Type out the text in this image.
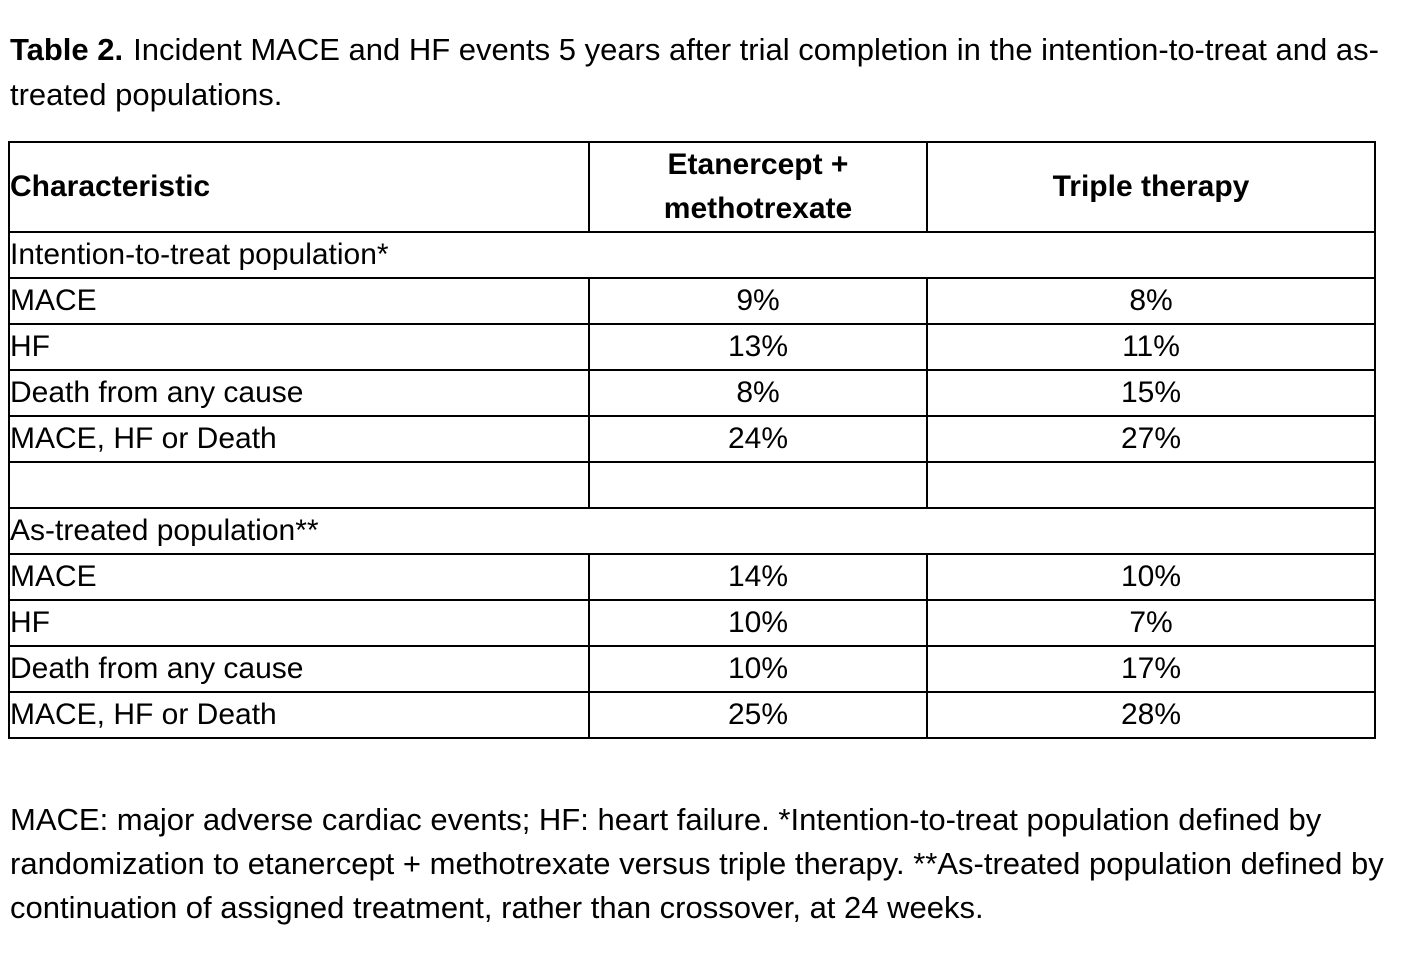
Table 2. Incident MACE and HF events 5 years after trial completion in the intention-to-treat and as-treated populations.

Characteristic	Etanercept + methotrexate	Triple therapy
Intention-to-treat population*		
MACE	9%	8%
HF	13%	11%
Death from any cause	8%	15%
MACE, HF or Death	24%	27%

As-treated population**		
MACE	14%	10%
HF	10%	7%
Death from any cause	10%	17%
MACE, HF or Death	25%	28%

MACE: major adverse cardiac events; HF: heart failure. *Intention-to-treat population defined by randomization to etanercept + methotrexate versus triple therapy. **As-treated population defined by continuation of assigned treatment, rather than crossover, at 24 weeks.
